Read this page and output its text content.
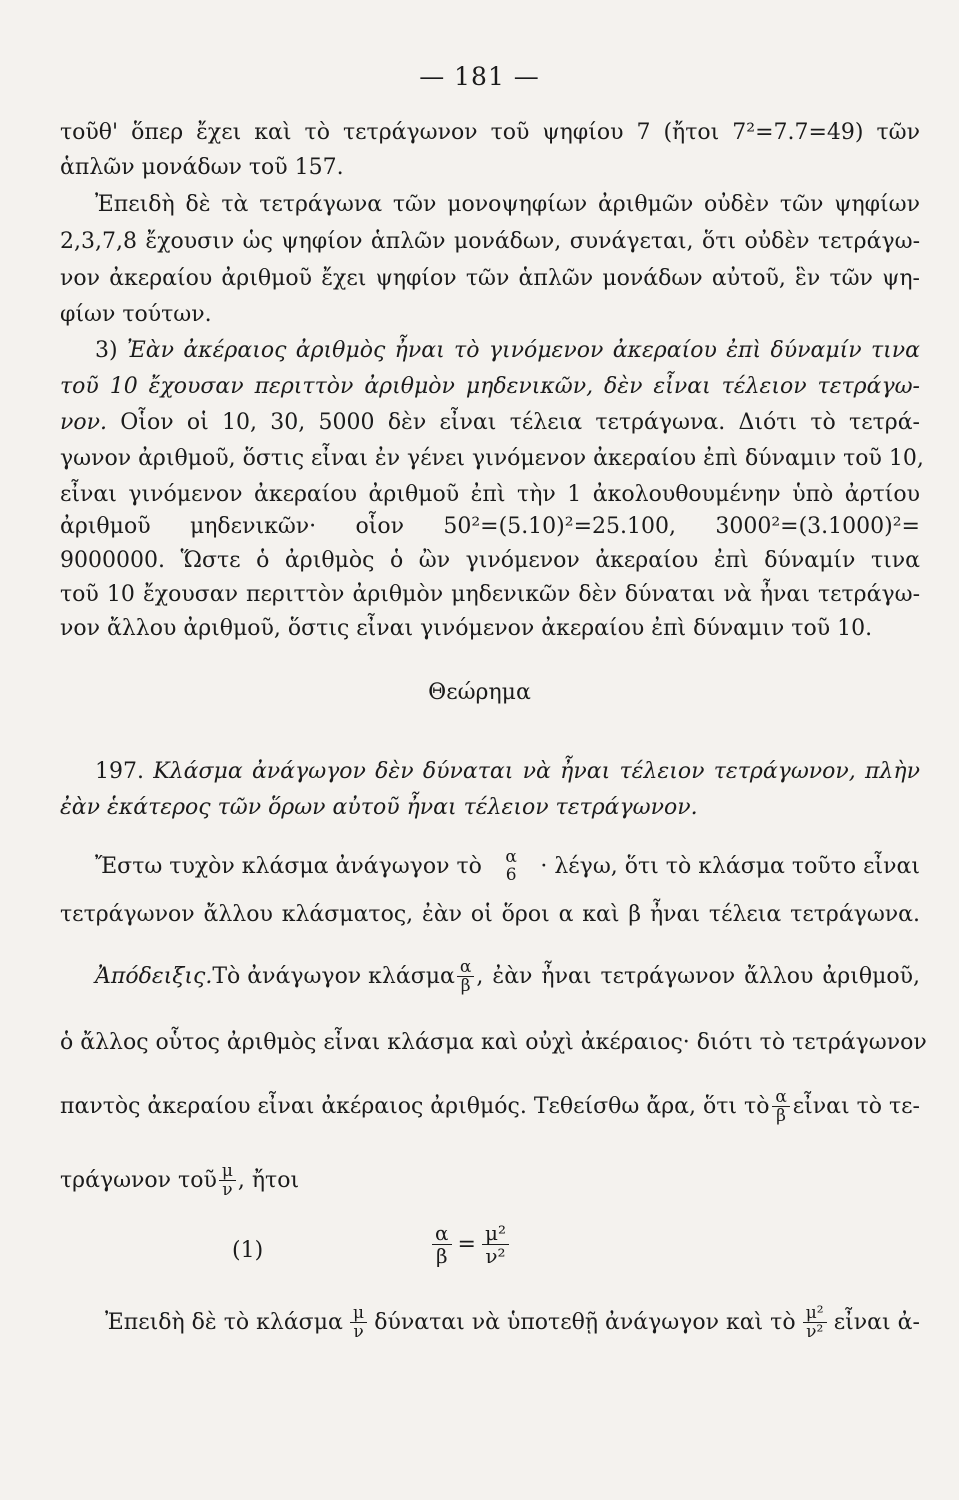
— 181 —
τοῦθ' ὅπερ ἔχει καὶ τὸ τετράγωνον τοῦ ψηφίου 7 (ἤτοι 7²=7.7=49) τῶν
ἁπλῶν μονάδων τοῦ 157.
Ἐπειδὴ δὲ τὰ τετράγωνα τῶν μονοψηφίων ἀριθμῶν οὐδὲν τῶν ψηφίων
2,3,7,8 ἔχουσιν ὡς ψηφίον ἁπλῶν μονάδων, συνάγεται, ὅτι οὐδὲν τετράγω-
νον ἀκεραίου ἀριθμοῦ ἔχει ψηφίον τῶν ἁπλῶν μονάδων αὐτοῦ, ἓν τῶν ψη-
φίων τούτων.
3) Ἐὰν ἀκέραιος ἀριθμὸς ἦναι τὸ γινόμενον ἀκεραίου ἐπὶ δύναμίν τινα
τοῦ 10 ἔχουσαν περιττὸν ἀριθμὸν μηδενικῶν, δὲν εἶναι τέλειον τετράγω-
νον. Οἷον οἱ 10, 30, 5000 δὲν εἶναι τέλεια τετράγωνα. Διότι τὸ τετρά-
γωνον ἀριθμοῦ, ὅστις εἶναι ἐν γένει γινόμενον ἀκεραίου ἐπὶ δύναμιν τοῦ 10,
εἶναι γινόμενον ἀκεραίου ἀριθμοῦ ἐπὶ τὴν 1 ἀκολουθουμένην ὑπὸ ἀρτίου
ἀριθμοῦ μηδενικῶν· οἷον 50²=(5.10)²=25.100, 3000²=(3.1000)²=
9000000. Ὥστε ὁ ἀριθμὸς ὁ ὢν γινόμενον ἀκεραίου ἐπὶ δύναμίν τινα
τοῦ 10 ἔχουσαν περιττὸν ἀριθμὸν μηδενικῶν δὲν δύναται νὰ ἦναι τετράγω-
νον ἄλλου ἀριθμοῦ, ὅστις εἶναι γινόμενον ἀκεραίου ἐπὶ δύναμιν τοῦ 10.
Θεώρημα
197. Κλάσμα ἀνάγωγον δὲν δύναται νὰ ἦναι τέλειον τετράγωνον, πλὴν
ἐὰν ἑκάτερος τῶν ὅρων αὐτοῦ ἦναι τέλειον τετράγωνον.
Ἔστω τυχὸν κλάσμα ἀνάγωγον τὸ α
6 · λέγω, ὅτι τὸ κλάσμα τοῦτο εἶναι
τετράγωνον ἄλλου κλάσματος, ἐὰν οἱ ὅροι α καὶ β ἦναι τέλεια τετράγωνα.
Ἀπόδειξις. Τὸ ἀνάγωγον κλάσμα $\frac{\alpha}{\beta}$ , ἐὰν ἦναι τετράγωνον ἄλλου ἀριθμοῦ,
ὁ ἄλλος οὗτος ἀριθμὸς εἶναι κλάσμα καὶ οὐχὶ ἀκέραιος· διότι τὸ τετράγωνον
παντὸς ἀκεραίου εἶναι ἀκέραιος ἀριθμός. Τεθείσθω ἄρα, ὅτι τὸ $\frac{\alpha}{\beta}$ εἶναι τὸ τε-
τράγωνον τοῦ $\frac{\mu}{\nu}$ , ἤτοι
(1)	$\frac{\alpha}{\beta} = \frac{\text{μ²}}{\text{ν²}}$
Ἐπειδὴ δὲ τὸ κλάσμα $\frac{\mu}{\nu}$ δύναται νὰ ὑποτεθῇ ἀνάγωγον καὶ τὸ $\frac{\text{μ²}}{\text{ν²}}$ εἶναι ἀ-
